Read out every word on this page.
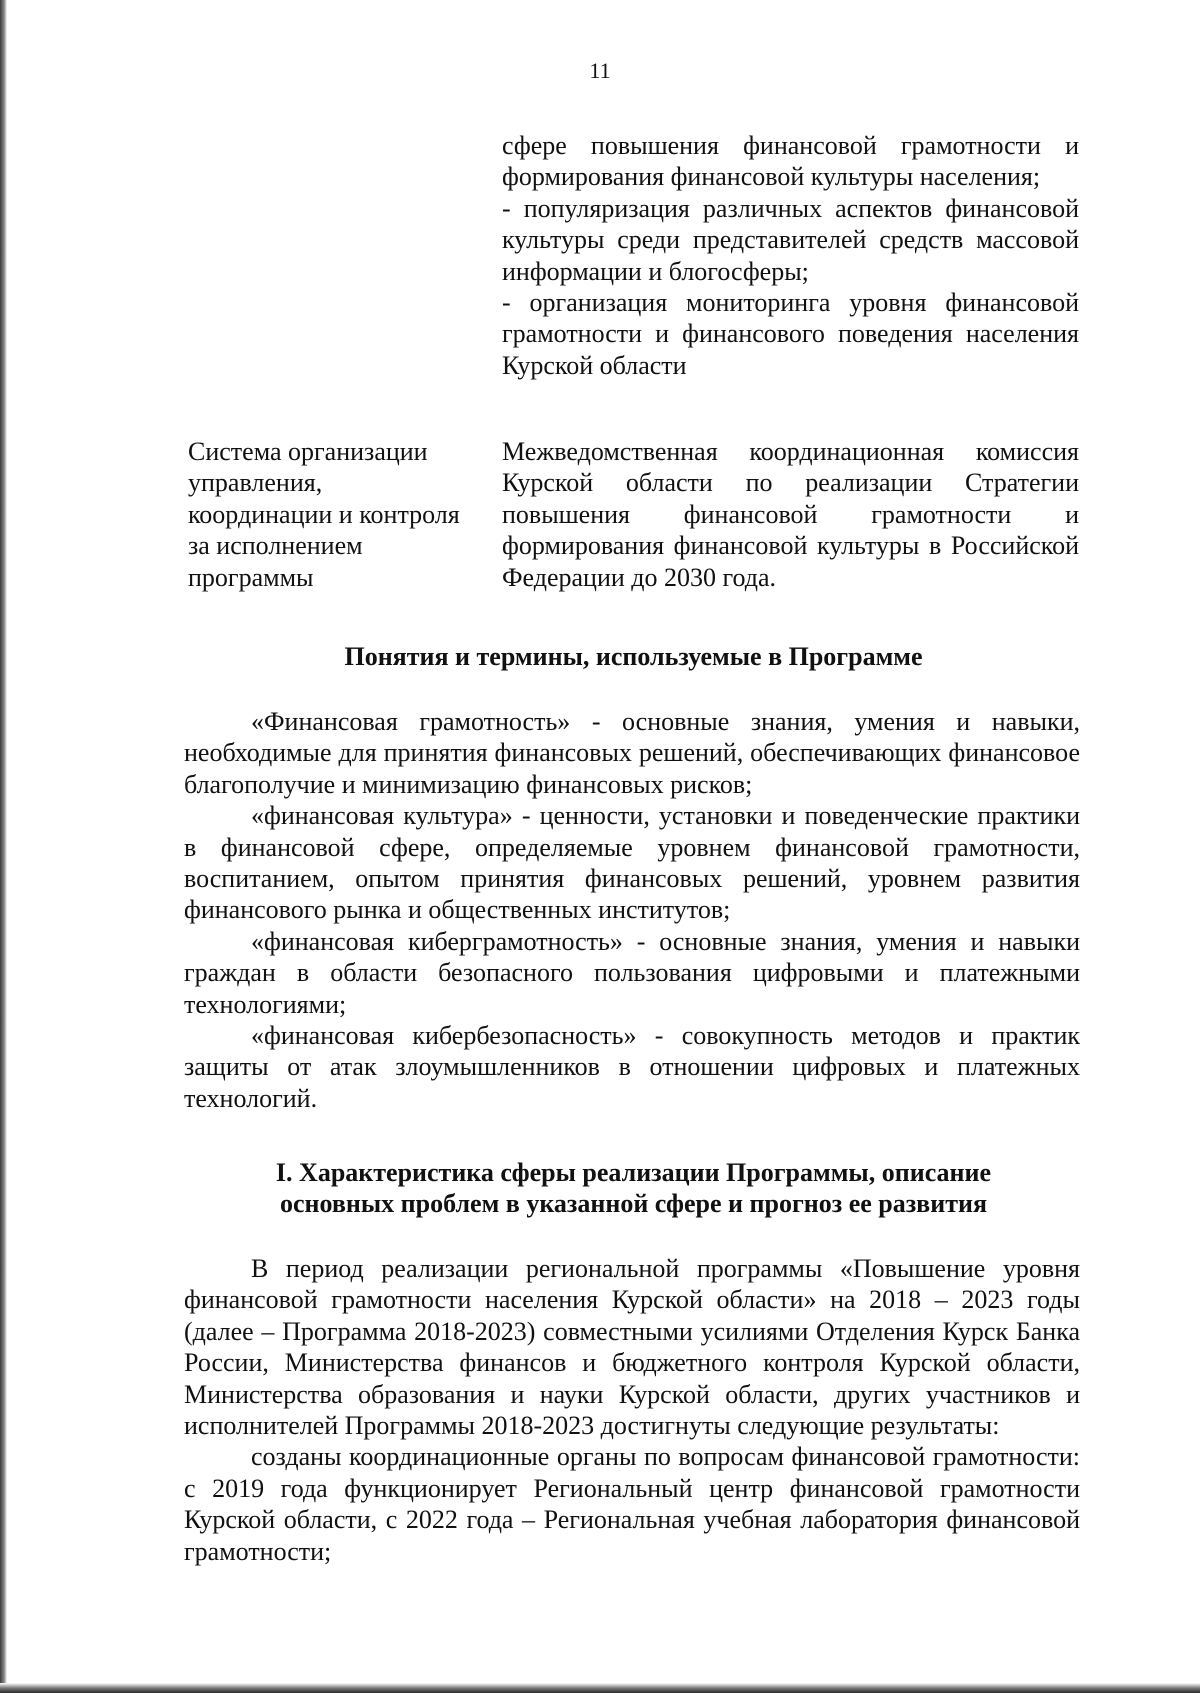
11

сфере повышения финансовой грамотности и формирования финансовой культуры населения;

- популяризация различных аспектов финансовой культуры среди представителей средств массовой информации и блогосферы;

- организация мониторинга уровня финансовой грамотности и финансового поведения населения Курской области

Система организации
управления,
координации и контроля
за исполнением
программы

Межведомственная координационная комиссия Курской области по реализации Стратегии повышения финансовой грамотности и формирования финансовой культуры в Российской Федерации до 2030 года.

Понятия и термины, используемые в Программе

«Финансовая грамотность» - основные знания, умения и навыки, необходимые для принятия финансовых решений, обеспечивающих финансовое благополучие и минимизацию финансовых рисков;

«финансовая культура» - ценности, установки и поведенческие практики в финансовой сфере, определяемые уровнем финансовой грамотности, воспитанием, опытом принятия финансовых решений, уровнем развития финансового рынка и общественных институтов;

«финансовая киберграмотность» - основные знания, умения и навыки граждан в области безопасного пользования цифровыми и платежными технологиями;

«финансовая кибербезопасность» - совокупность методов и практик защиты от атак злоумышленников в отношении цифровых и платежных технологий.

I. Характеристика сферы реализации Программы, описание
основных проблем в указанной сфере и прогноз ее развития

В период реализации региональной программы «Повышение уровня финансовой грамотности населения Курской области» на 2018 – 2023 годы (далее – Программа 2018-2023) совместными усилиями Отделения Курск Банка России, Министерства финансов и бюджетного контроля Курской области, Министерства образования и науки Курской области, других участников и исполнителей Программы 2018-2023 достигнуты следующие результаты:

созданы координационные органы по вопросам финансовой грамотности: с 2019 года функционирует Региональный центр финансовой грамотности Курской области, с 2022 года – Региональная учебная лаборатория финансовой грамотности;
